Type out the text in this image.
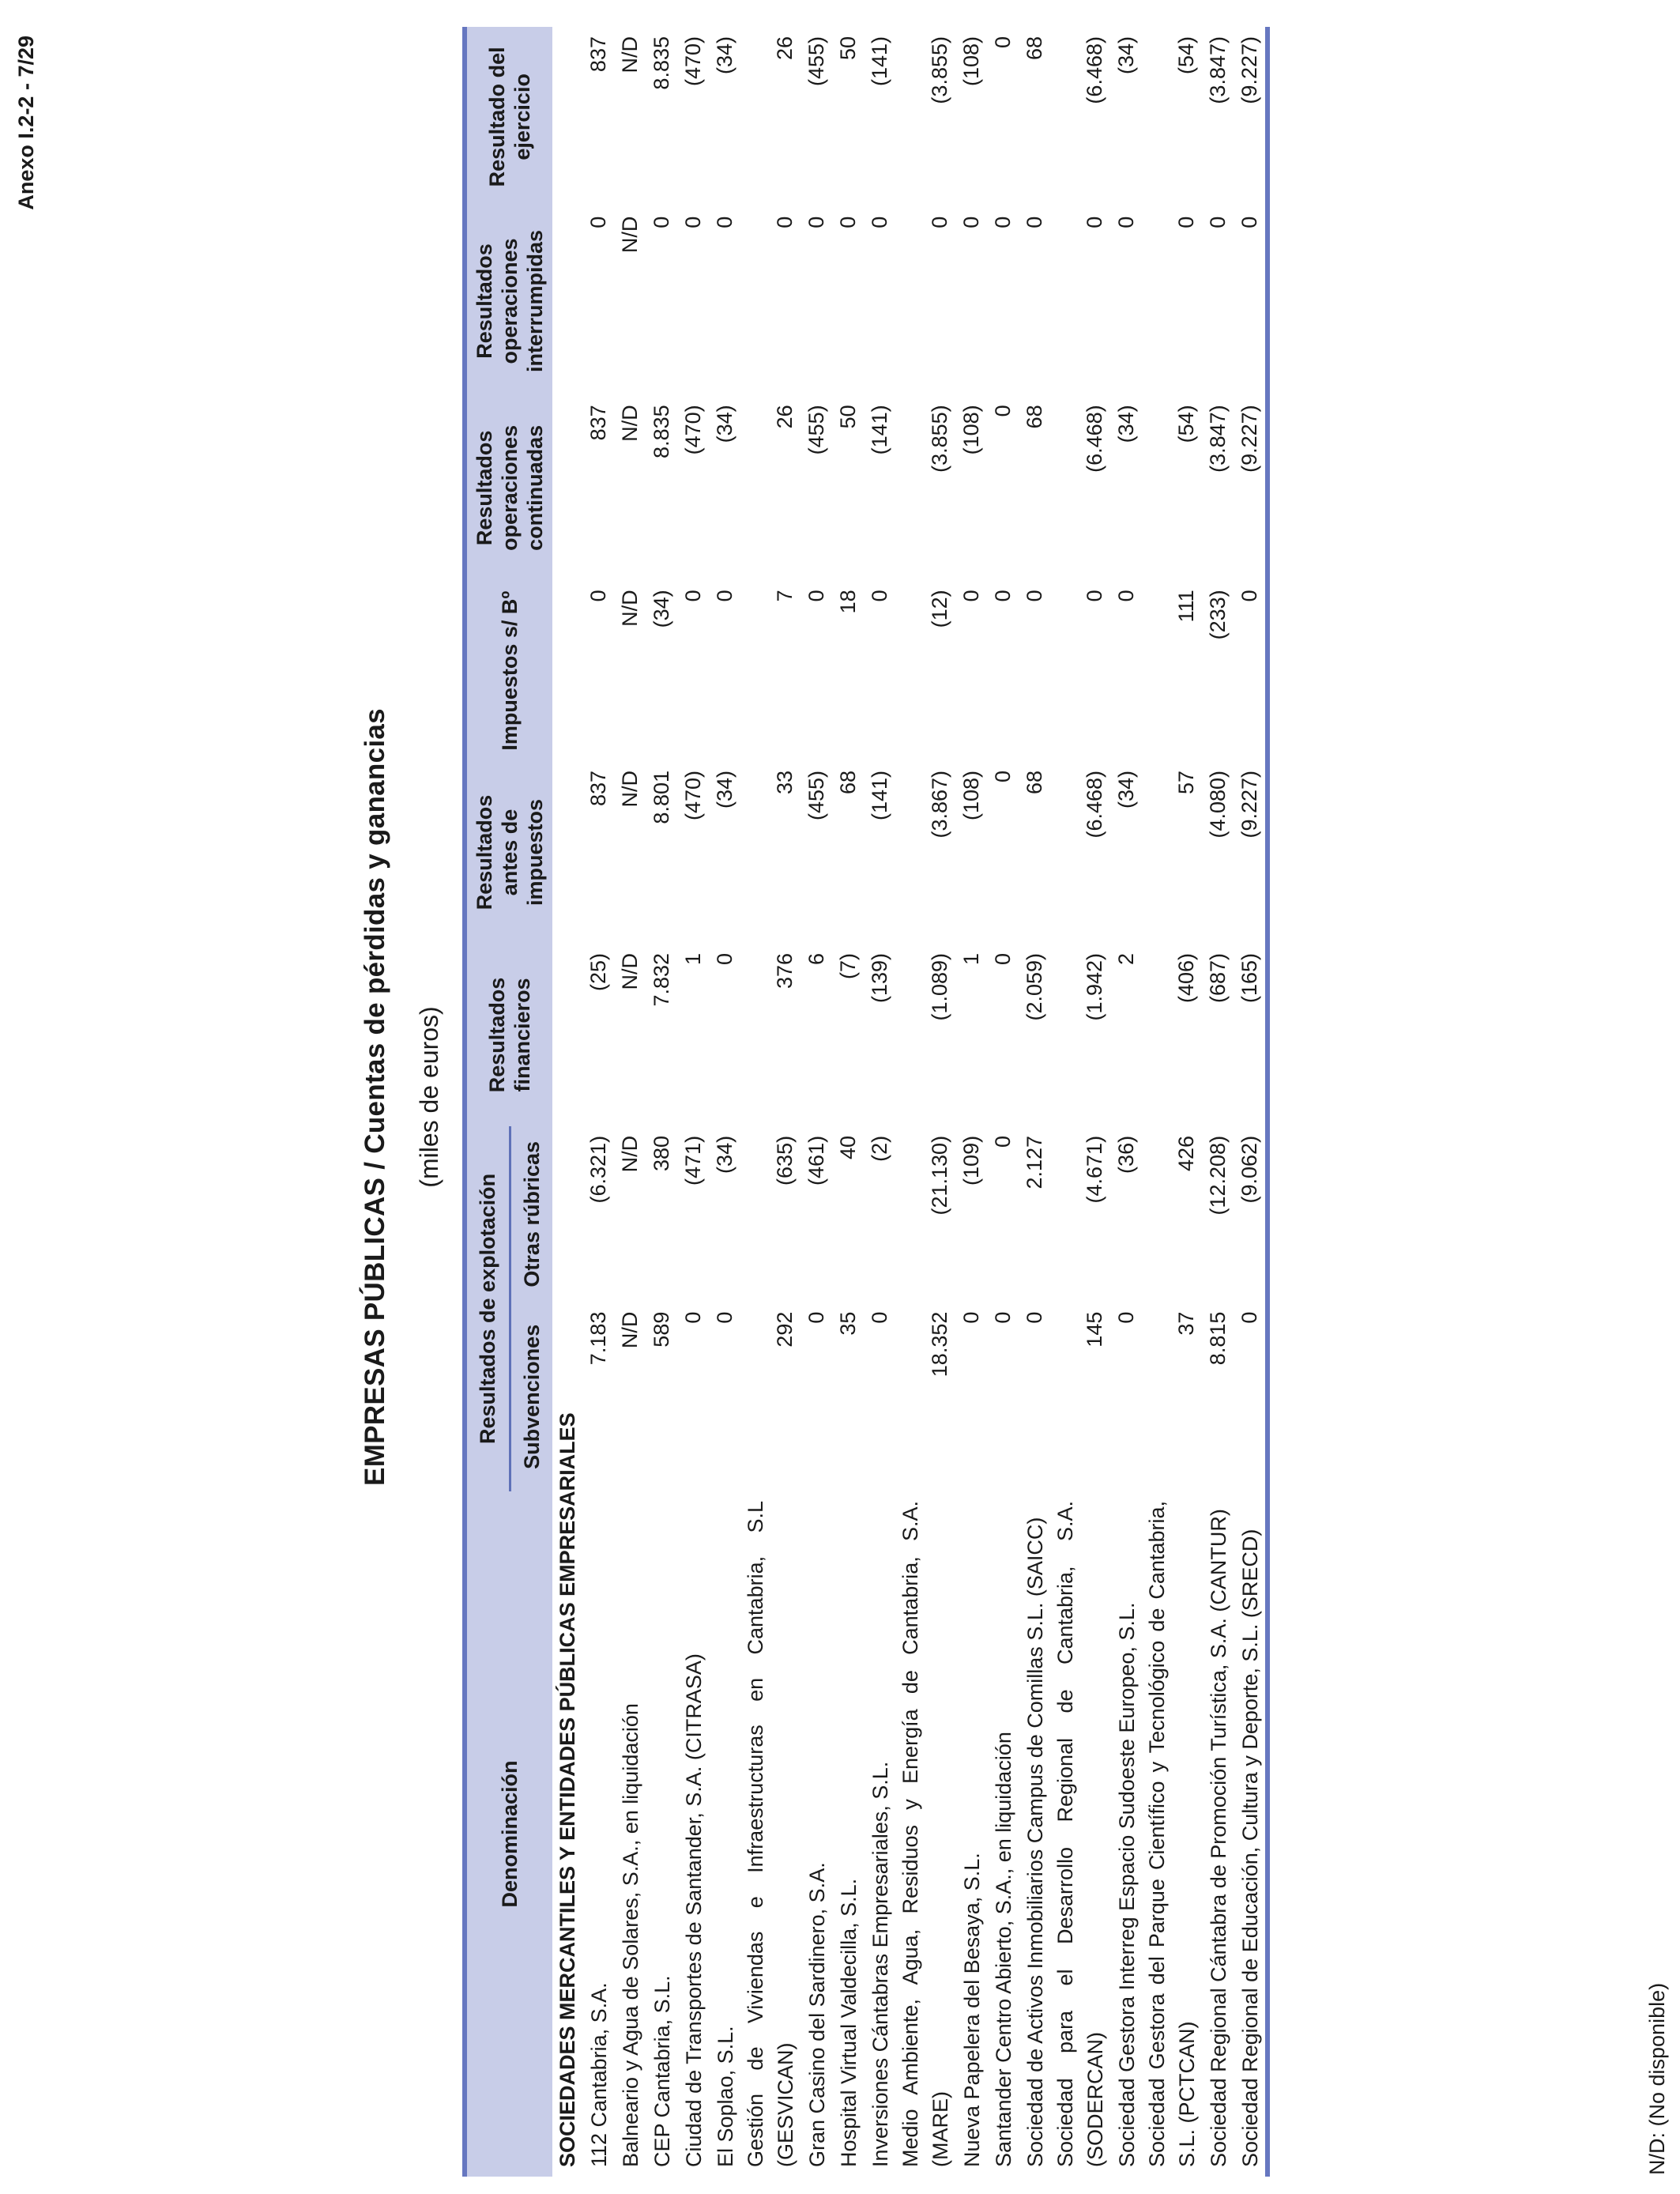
Anexo I.2-2 - 7/29
EMPRESAS PÚBLICAS / Cuentas de pérdidas y ganancias (miles de euros)
Denominación	Resultados de explotación		Resultados financieros	Resultados antes de impuestos	Impuestos s/ Bº	Resultados operaciones continuadas	Resultados operaciones interrumpidas	Resultado del ejercicio
	Subvenciones	Otras rúbricas						

SOCIEDADES MERCANTILES Y ENTIDADES PÚBLICAS EMPRESARIALES								

112 Cantabria, S.A.	7.183	(6.321)	(25)	837	0	837	0	837

Balneario y Agua de Solares, S.A., en liquidación	N/D	N/D	N/D	N/D	N/D	N/D	N/D	N/D

CEP Cantabria, S.L.	589	380	7.832	8.801	(34)	8.835	0	8.835

Ciudad de Transportes de Santander, S.A. (CITRASA)	0	(471)	1	(470)	0	(470)	0	(470)

El Soplao, S.L.	0	(34)	0	(34)	0	(34)	0	(34)

Gestión de Viviendas e Infraestructuras en Cantabria, S.L (GESVICAN)	292	(635)	376	33	7	26	0	26

Gran Casino del Sardinero, S.A.	0	(461)	6	(455)	0	(455)	0	(455)

Hospital Virtual Valdecilla, S.L.	35	40	(7)	68	18	50	0	50

Inversiones Cántabras Empresariales, S.L.	0	(2)	(139)	(141)	0	(141)	0	(141)

Medio Ambiente, Agua, Residuos y Energía de Cantabria, S.A. (MARE)	18.352	(21.130)	(1.089)	(3.867)	(12)	(3.855)	0	(3.855)

Nueva Papelera del Besaya, S.L.	0	(109)	1	(108)	0	(108)	0	(108)

Santander Centro Abierto, S.A., en liquidación	0	0	0	0	0	0	0	0

Sociedad de Activos Inmobiliarios Campus de Comillas S.L. (SAICC)	0	2.127	(2.059)	68	0	68	0	68

Sociedad para el Desarrollo Regional de Cantabria, S.A. (SODERCAN)	145	(4.671)	(1.942)	(6.468)	0	(6.468)	0	(6.468)

Sociedad Gestora Interreg Espacio Sudoeste Europeo, S.L.	0	(36)	2	(34)	0	(34)	0	(34)

Sociedad Gestora del Parque Científico y Tecnológico de Cantabria, S.L. (PCTCAN)	37	426	(406)	57	111	(54)	0	(54)

Sociedad Regional Cántabra de Promoción Turística, S.A. (CANTUR)	8.815	(12.208)	(687)	(4.080)	(233)	(3.847)	0	(3.847)

Sociedad Regional de Educación, Cultura y Deporte, S.L. (SRECD)	0	(9.062)	(165)	(9.227)	0	(9.227)	0	(9.227)
N/D: (No disponible)
